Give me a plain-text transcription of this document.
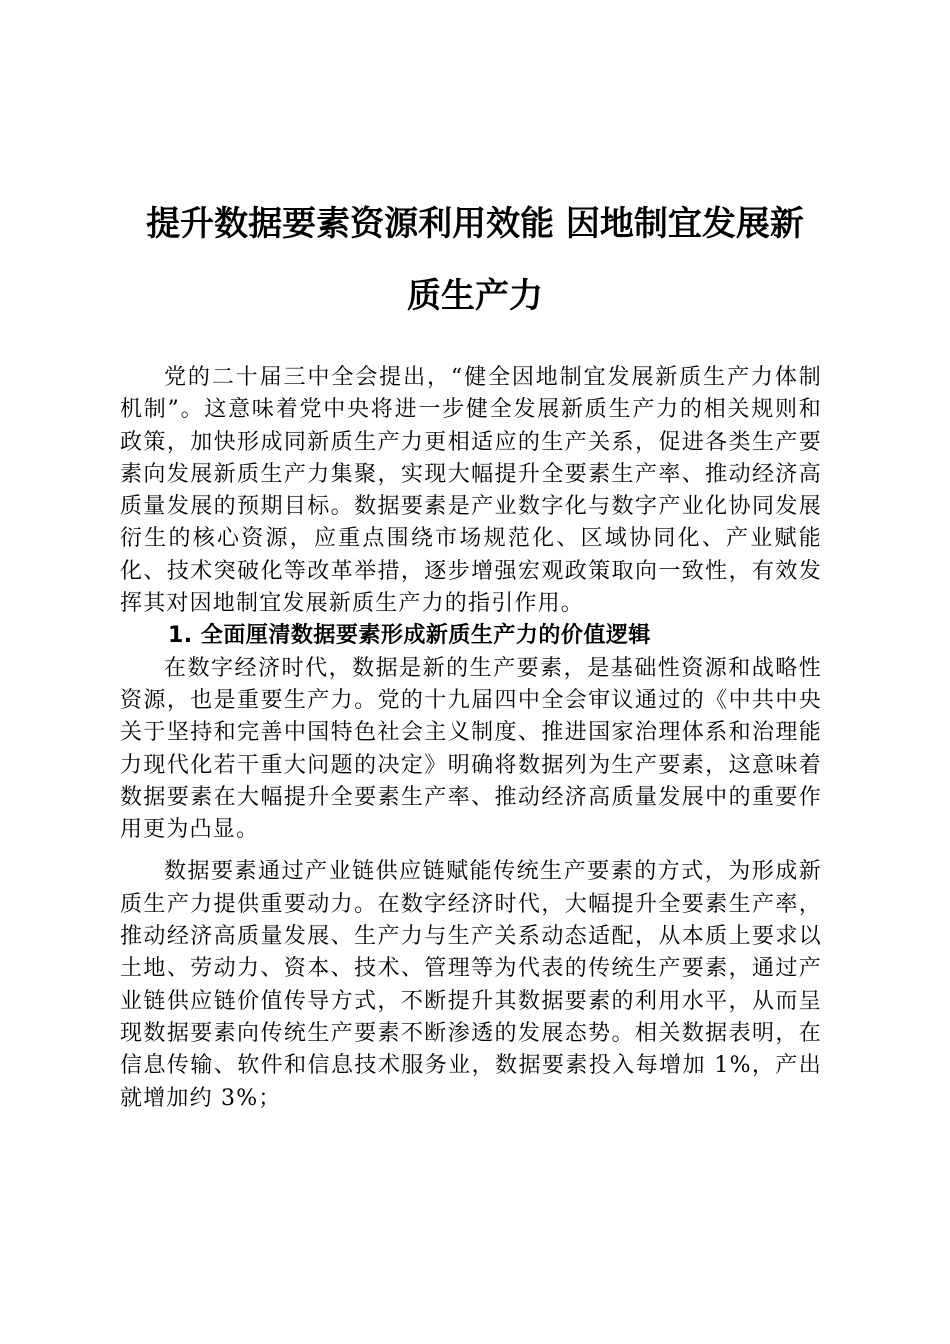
提升数据要素资源利用效能 因地制宜发展新
质生产力

党的二十届三中全会提出，“健全因地制宜发展新质生产力体制机制”。这意味着党中央将进一步健全发展新质生产力的相关规则和政策，加快形成同新质生产力更相适应的生产关系，促进各类生产要素向发展新质生产力集聚，实现大幅提升全要素生产率、推动经济高质量发展的预期目标。数据要素是产业数字化与数字产业化协同发展衍生的核心资源，应重点围绕市场规范化、区域协同化、产业赋能化、技术突破化等改革举措，逐步增强宏观政策取向一致性，有效发挥其对因地制宜发展新质生产力的指引作用。

1. 全面厘清数据要素形成新质生产力的价值逻辑

在数字经济时代，数据是新的生产要素，是基础性资源和战略性资源，也是重要生产力。党的十九届四中全会审议通过的《中共中央关于坚持和完善中国特色社会主义制度、推进国家治理体系和治理能力现代化若干重大问题的决定》明确将数据列为生产要素，这意味着数据要素在大幅提升全要素生产率、推动经济高质量发展中的重要作用更为凸显。

数据要素通过产业链供应链赋能传统生产要素的方式，为形成新质生产力提供重要动力。在数字经济时代，大幅提升全要素生产率，推动经济高质量发展、生产力与生产关系动态适配，从本质上要求以土地、劳动力、资本、技术、管理等为代表的传统生产要素，通过产业链供应链价值传导方式，不断提升其数据要素的利用水平，从而呈现数据要素向传统生产要素不断渗透的发展态势。相关数据表明，在信息传输、软件和信息技术服务业，数据要素投入每增加 1%，产出就增加约 3%；
